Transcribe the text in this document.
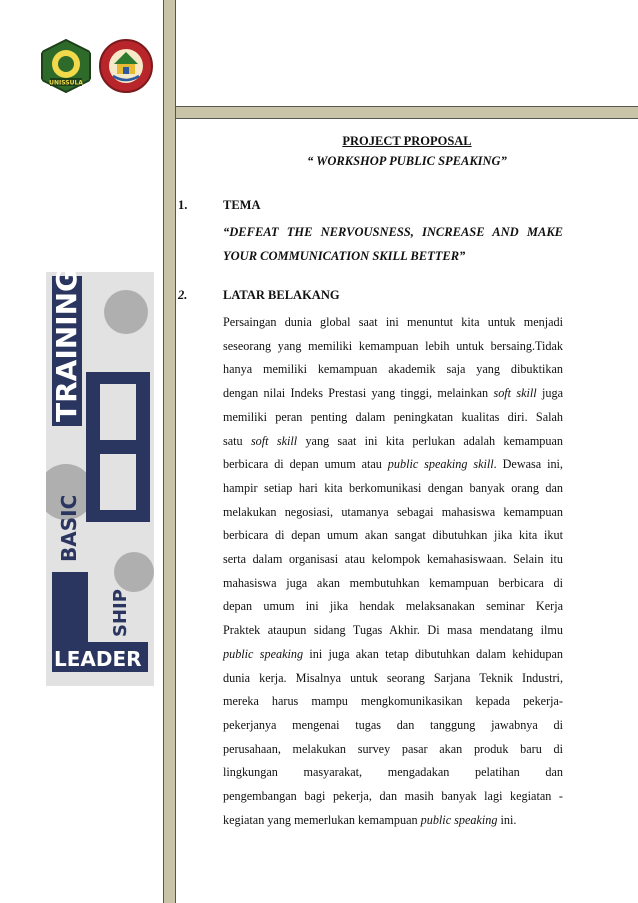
UNISSULA
TRAINING
BASIC
LEADER
SHIP
PROJECT PROPOSAL
“ WORKSHOP PUBLIC SPEAKING”
1.	TEMA
“DEFEAT THE NERVOUSNESS, INCREASE AND MAKE
YOUR COMMUNICATION SKILL BETTER”
2.	LATAR BELAKANG
Persaingan dunia global saat ini menuntut kita untuk menjadi
seseorang yang memiliki kemampuan lebih untuk bersaing.Tidak
hanya memiliki kemampuan akademik saja yang dibuktikan
dengan nilai Indeks Prestasi yang tinggi, melainkan soft skill juga
memiliki peran penting dalam peningkatan kualitas diri. Salah
satu soft skill yang saat ini kita perlukan adalah kemampuan
berbicara di depan umum atau public speaking skill. Dewasa ini,
hampir setiap hari kita berkomunikasi dengan banyak orang dan
melakukan negosiasi, utamanya sebagai mahasiswa kemampuan
berbicara di depan umum akan sangat dibutuhkan jika kita ikut
serta dalam organisasi atau kelompok kemahasiswaan. Selain itu
mahasiswa juga akan membutuhkan kemampuan berbicara di
depan umum ini jika hendak melaksanakan seminar Kerja
Praktek ataupun sidang Tugas Akhir. Di masa mendatang ilmu
public speaking ini juga akan tetap dibutuhkan dalam kehidupan
dunia kerja. Misalnya untuk seorang Sarjana Teknik Industri,
mereka harus mampu mengkomunikasikan kepada pekerja-
pekerjanya mengenai tugas dan tanggung jawabnya di
perusahaan, melakukan survey pasar akan produk baru di
lingkungan masyarakat, mengadakan pelatihan dan
pengembangan bagi pekerja, dan masih banyak lagi kegiatan -
kegiatan yang memerlukan kemampuan public speaking ini.
